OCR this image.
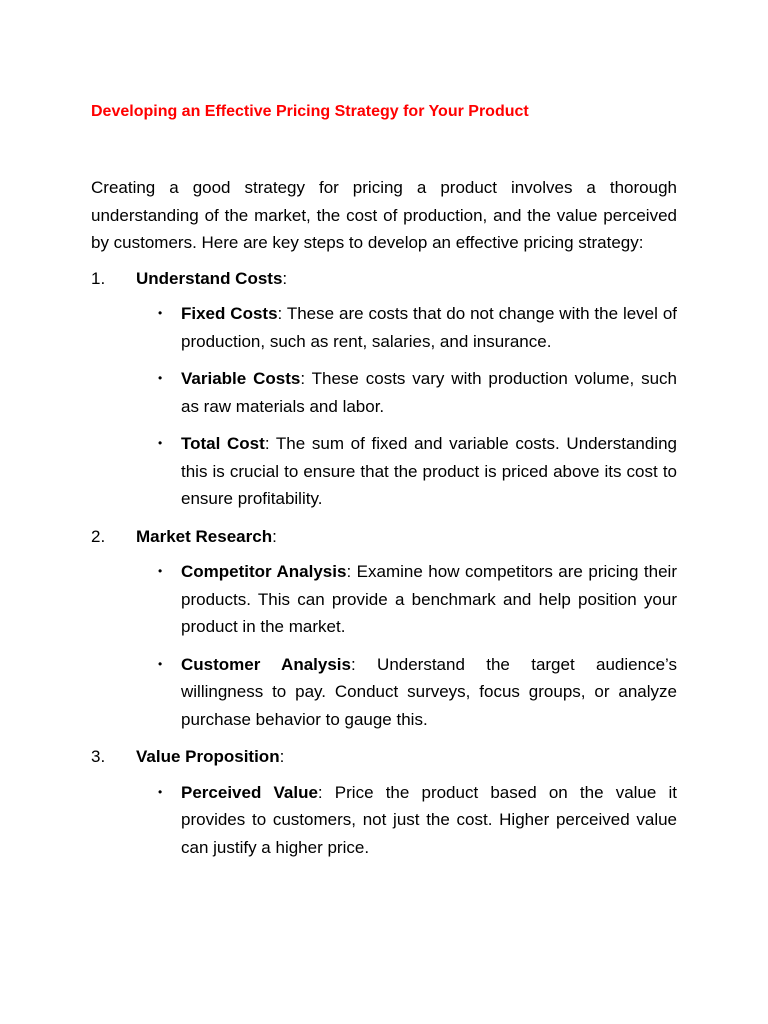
Developing an Effective Pricing Strategy for Your Product

Creating a good strategy for pricing a product involves a thorough understanding of the market, the cost of production, and the value perceived by customers. Here are key steps to develop an effective pricing strategy:

1. Understand Costs:
• Fixed Costs: These are costs that do not change with the level of production, such as rent, salaries, and insurance.
• Variable Costs: These costs vary with production volume, such as raw materials and labor.
• Total Cost: The sum of fixed and variable costs. Understanding this is crucial to ensure that the product is priced above its cost to ensure profitability.
2. Market Research:
• Competitor Analysis: Examine how competitors are pricing their products. This can provide a benchmark and help position your product in the market.
• Customer Analysis: Understand the target audience’s willingness to pay. Conduct surveys, focus groups, or analyze purchase behavior to gauge this.
3. Value Proposition:
• Perceived Value: Price the product based on the value it provides to customers, not just the cost. Higher perceived value can justify a higher price.
